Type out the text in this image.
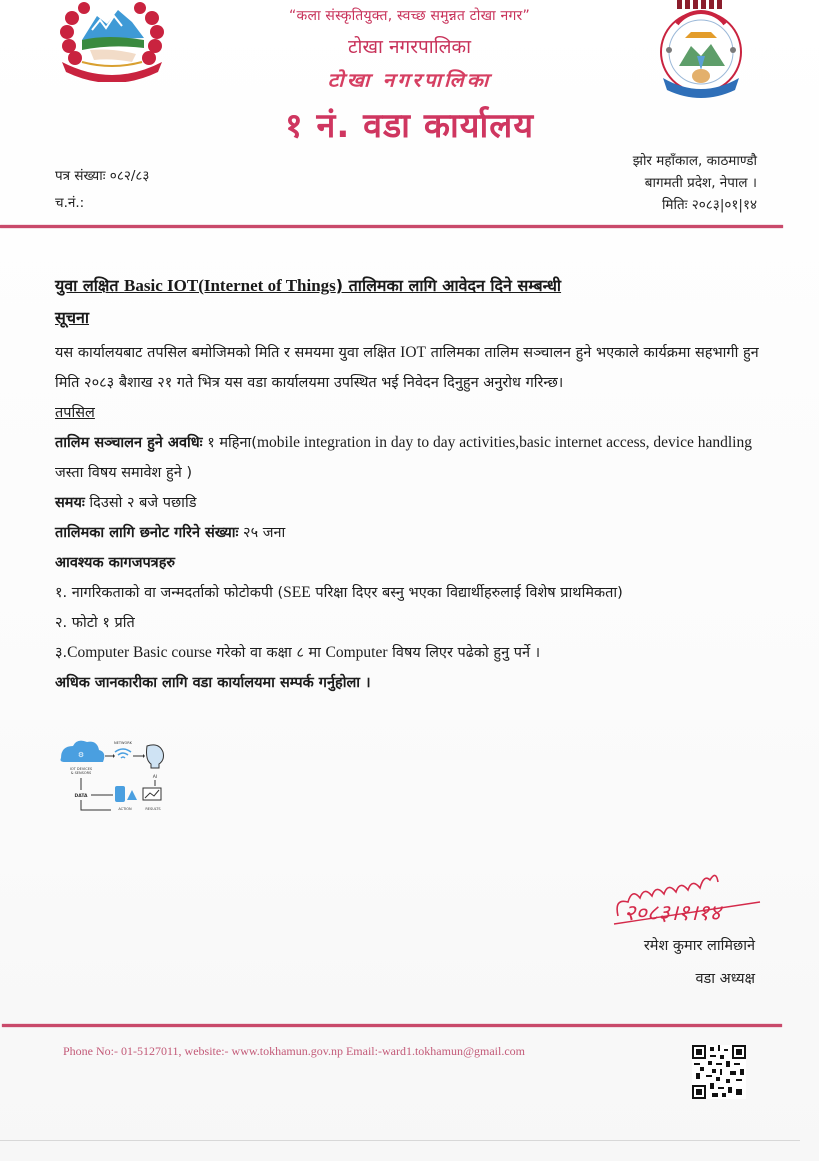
“कला संस्कृतियुक्त, स्वच्छ समुन्नत टोखा नगर”
टोखा नगरपालिका
टोखा नगरपालिका
१ नं. वडा कार्यालय
पत्र संख्याः ०८२/८३
च.नं.:
झोर महाँकाल, काठमाण्डौ
बागमती प्रदेश, नेपाल ।
मितिः २०८३|०१|१४
युवा लक्षित Basic IOT(Internet of Things) तालिमका लागि आवेदन दिने सम्बन्धी
सूचना

यस कार्यालयबाट तपसिल बमोजिमको मिति र समयमा युवा लक्षित IOT तालिमका तालिम सञ्चालन हुने भएकाले कार्यक्रमा सहभागी हुन मिति २०८३ बैशाख २१ गते भित्र यस वडा कार्यालयमा उपस्थित भई निवेदन दिनुहुन अनुरोध गरिन्छ।

तपसिल

तालिम सञ्चालन हुने अवधिः १ महिना(mobile integration in day to day activities,basic internet access, device handling जस्ता विषय समावेश हुने )

समयः दिउसो २ बजे पछाडि

तालिमका लागि छनोट गरिने संख्याः २५ जना

आवश्यक कागजपत्रहरु

१. नागरिकताको वा जन्मदर्ताको फोटोकपी (SEE परिक्षा दिएर बस्नु भएका विद्यार्थीहरुलाई विशेष प्राथमिकता)

२. फोटो १ प्रति

३.Computer Basic course गरेको वा कक्षा ८ मा Computer विषय लिएर पढेको हुनु पर्ने ।

अधिक जानकारीका लागि वडा कार्यालयमा सम्पर्क गर्नुहोला ।

⚙
IOT DEVICES
& SENSORS
NETWORK
AI
DATA
ACTION	RESULTS
२०८३।१।१४
रमेश कुमार लामिछाने
वडा अध्यक्ष
Phone No:- 01-5127011, website:- www.tokhamun.gov.np Email:-ward1.tokhamun@gmail.com
